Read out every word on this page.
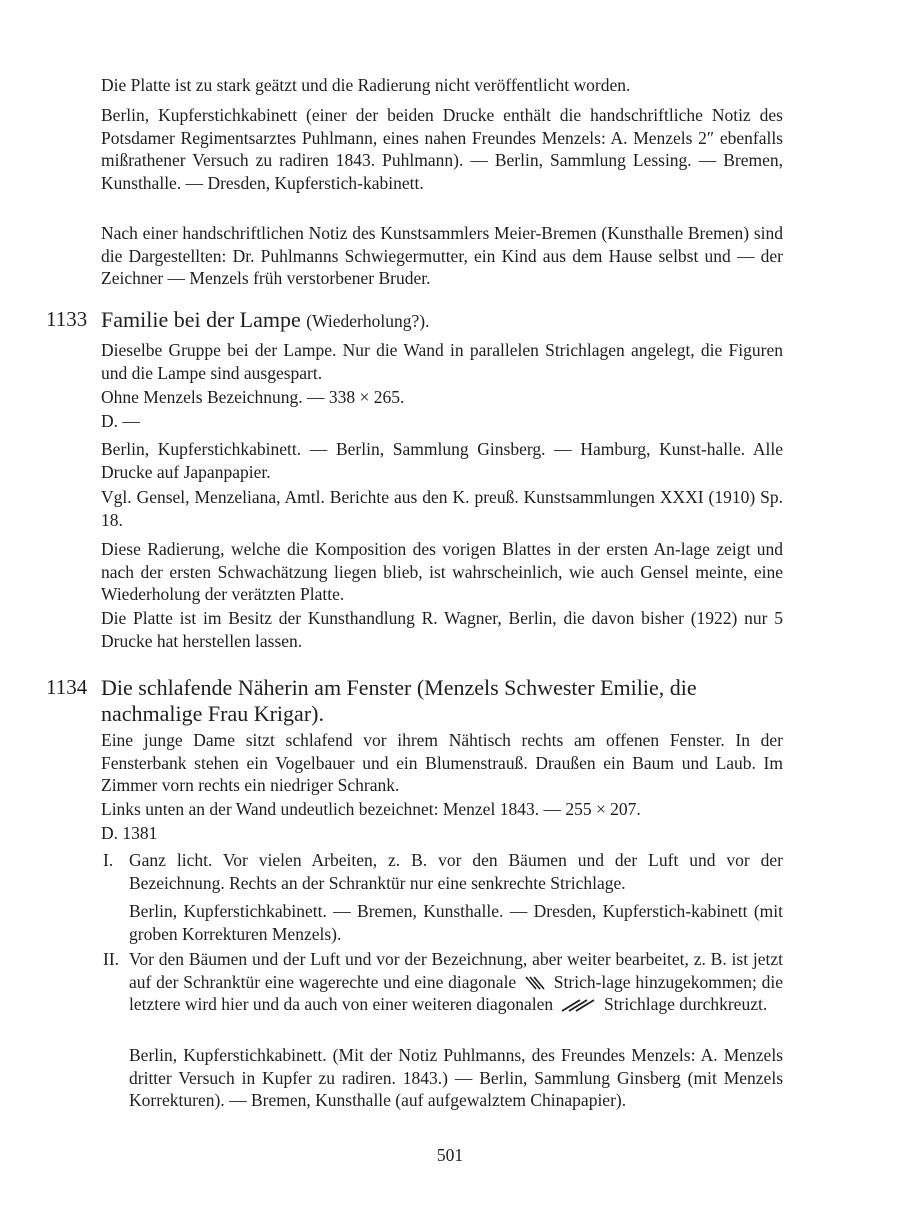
Die Platte ist zu stark geätzt und die Radierung nicht veröffentlicht worden.

Berlin, Kupferstichkabinett (einer der beiden Drucke enthält die handschriftliche Notiz des Potsdamer Regimentsarztes Puhlmann, eines nahen Freundes Menzels: A. Menzels 2″ ebenfalls mißrathener Versuch zu radiren 1843. Puhlmann). — Berlin, Sammlung Lessing. — Bremen, Kunsthalle. — Dresden, Kupferstich-kabinett.

Nach einer handschriftlichen Notiz des Kunstsammlers Meier-Bremen (Kunsthalle Bremen) sind die Dargestellten: Dr. Puhlmanns Schwiegermutter, ein Kind aus dem Hause selbst und — der Zeichner — Menzels früh verstorbener Bruder.

1133 Familie bei der Lampe (Wiederholung?).

Dieselbe Gruppe bei der Lampe. Nur die Wand in parallelen Strichlagen angelegt, die Figuren und die Lampe sind ausgespart.

Ohne Menzels Bezeichnung. — 338 × 265.

D. —

Berlin, Kupferstichkabinett. — Berlin, Sammlung Ginsberg. — Hamburg, Kunst-halle. Alle Drucke auf Japanpapier.

Vgl. Gensel, Menzeliana, Amtl. Berichte aus den K. preuß. Kunstsammlungen XXXI (1910) Sp. 18.

Diese Radierung, welche die Komposition des vorigen Blattes in der ersten An-lage zeigt und nach der ersten Schwachätzung liegen blieb, ist wahrscheinlich, wie auch Gensel meinte, eine Wiederholung der verätzten Platte.

Die Platte ist im Besitz der Kunsthandlung R. Wagner, Berlin, die davon bisher (1922) nur 5 Drucke hat herstellen lassen.

1134 Die schlafende Näherin am Fenster (Menzels Schwester Emilie, die nachmalige Frau Krigar).

Eine junge Dame sitzt schlafend vor ihrem Nähtisch rechts am offenen Fenster. In der Fensterbank stehen ein Vogelbauer und ein Blumenstrauß. Draußen ein Baum und Laub. Im Zimmer vorn rechts ein niedriger Schrank.

Links unten an der Wand undeutlich bezeichnet: Menzel 1843. — 255 × 207.

D. 1381

I. Ganz licht. Vor vielen Arbeiten, z. B. vor den Bäumen und der Luft und vor der Bezeichnung. Rechts an der Schranktür nur eine senkrechte Strichlage.

Berlin, Kupferstichkabinett. — Bremen, Kunsthalle. — Dresden, Kupferstich-kabinett (mit groben Korrekturen Menzels).

II. Vor den Bäumen und der Luft und vor der Bezeichnung, aber weiter bearbeitet, z. B. ist jetzt auf der Schranktür eine wagerechte und eine diagonale Strich-lage hinzugekommen; die letztere wird hier und da auch von einer weiteren diagonalen	Strichlage durchkreuzt.

Berlin, Kupferstichkabinett. (Mit der Notiz Puhlmanns, des Freundes Menzels: A. Menzels dritter Versuch in Kupfer zu radiren. 1843.) — Berlin, Sammlung Ginsberg (mit Menzels Korrekturen). — Bremen, Kunsthalle (auf aufgewalztem Chinapapier).

501
